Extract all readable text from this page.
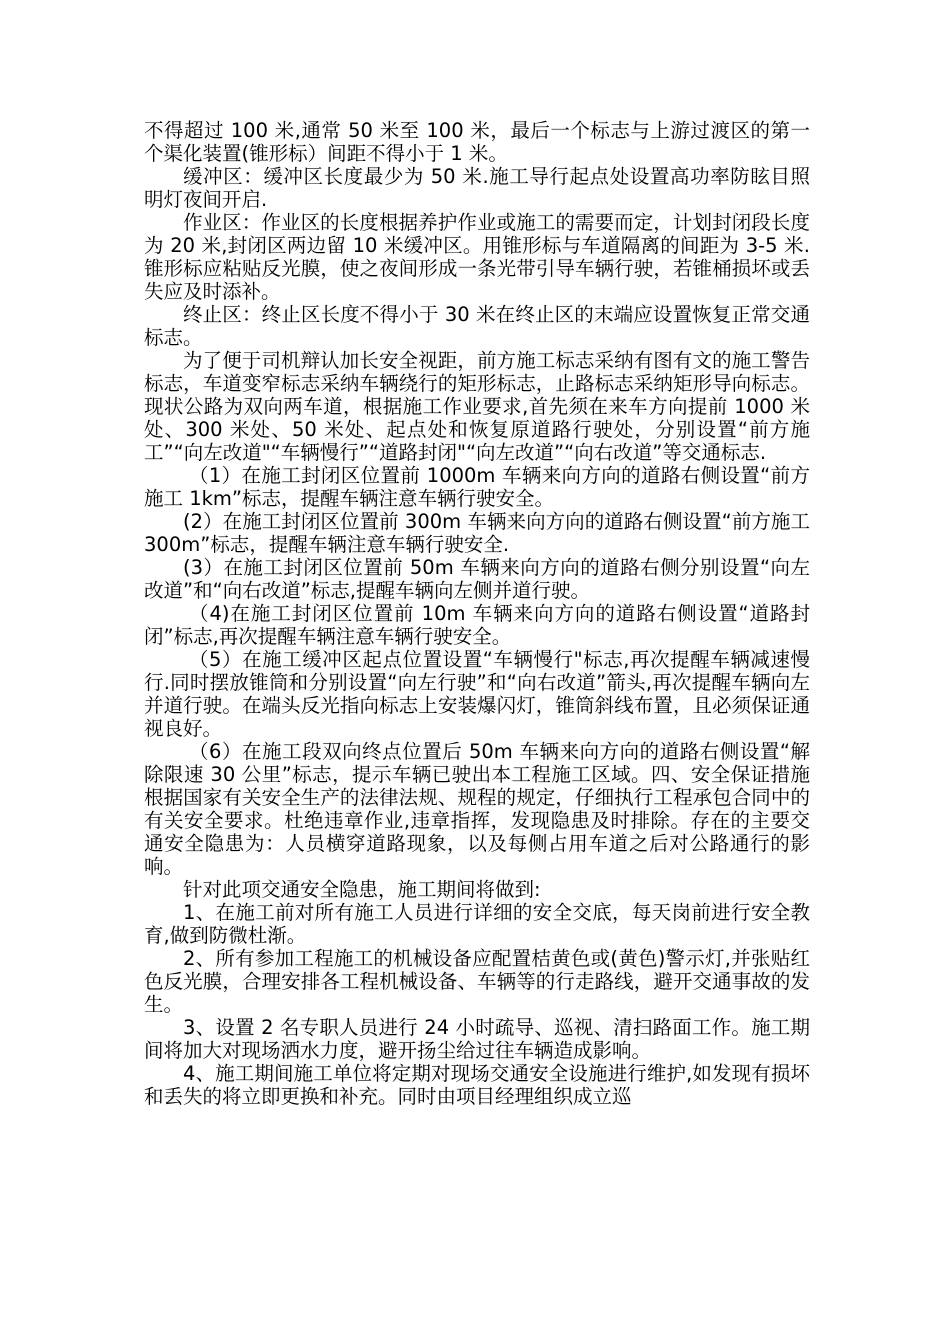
不得超过 100 米,通常 50 米至 100 米，最后一个标志与上游过渡区的第一个渠化装置(锥形标）间距不得小于 1 米。

缓冲区：缓冲区长度最少为 50 米.施工导行起点处设置高功率防眩目照明灯夜间开启.

作业区：作业区的长度根据养护作业或施工的需要而定，计划封闭段长度为 20 米,封闭区两边留 10 米缓冲区。用锥形标与车道隔离的间距为 3-5 米.锥形标应粘贴反光膜，使之夜间形成一条光带引导车辆行驶，若锥桶损坏或丢失应及时添补。

终止区：终止区长度不得小于 30 米在终止区的末端应设置恢复正常交通标志。

为了便于司机辩认加长安全视距，前方施工标志采纳有图有文的施工警告标志，车道变窄标志采纳车辆绕行的矩形标志，止路标志采纳矩形导向标志。现状公路为双向两车道，根据施工作业要求,首先须在来车方向提前 1000 米处、300 米处、50 米处、起点处和恢复原道路行驶处，分别设置“前方施工”“向左改道"“车辆慢行”“道路封闭"“向左改道”“向右改道”等交通标志.

（1）在施工封闭区位置前 1000m 车辆来向方向的道路右侧设置“前方施工 1km”标志，提醒车辆注意车辆行驶安全。

(2）在施工封闭区位置前 300m 车辆来向方向的道路右侧设置“前方施工 300m”标志，提醒车辆注意车辆行驶安全.

(3）在施工封闭区位置前 50m 车辆来向方向的道路右侧分别设置“向左改道”和“向右改道”标志,提醒车辆向左侧并道行驶。

（4)在施工封闭区位置前 10m 车辆来向方向的道路右侧设置“道路封闭”标志,再次提醒车辆注意车辆行驶安全。

（5）在施工缓冲区起点位置设置“车辆慢行"标志,再次提醒车辆减速慢行.同时摆放锥筒和分别设置“向左行驶”和“向右改道”箭头,再次提醒车辆向左并道行驶。在端头反光指向标志上安装爆闪灯，锥筒斜线布置，且必须保证通视良好。

（6）在施工段双向终点位置后 50m 车辆来向方向的道路右侧设置“解除限速 30 公里”标志，提示车辆已驶出本工程施工区域。四、安全保证措施根据国家有关安全生产的法律法规、规程的规定，仔细执行工程承包合同中的有关安全要求。杜绝违章作业,违章指挥，发现隐患及时排除。存在的主要交通安全隐患为：人员横穿道路现象，以及每侧占用车道之后对公路通行的影响。

针对此项交通安全隐患，施工期间将做到:

1、在施工前对所有施工人员进行详细的安全交底，每天岗前进行安全教育,做到防微杜渐。

2、所有参加工程施工的机械设备应配置桔黄色或(黄色)警示灯,并张贴红色反光膜，合理安排各工程机械设备、车辆等的行走路线，避开交通事故的发生。

3、设置 2 名专职人员进行 24 小时疏导、巡视、清扫路面工作。施工期间将加大对现场洒水力度，避开扬尘给过往车辆造成影响。

4、施工期间施工单位将定期对现场交通安全设施进行维护,如发现有损坏和丢失的将立即更换和补充。同时由项目经理组织成立巡
